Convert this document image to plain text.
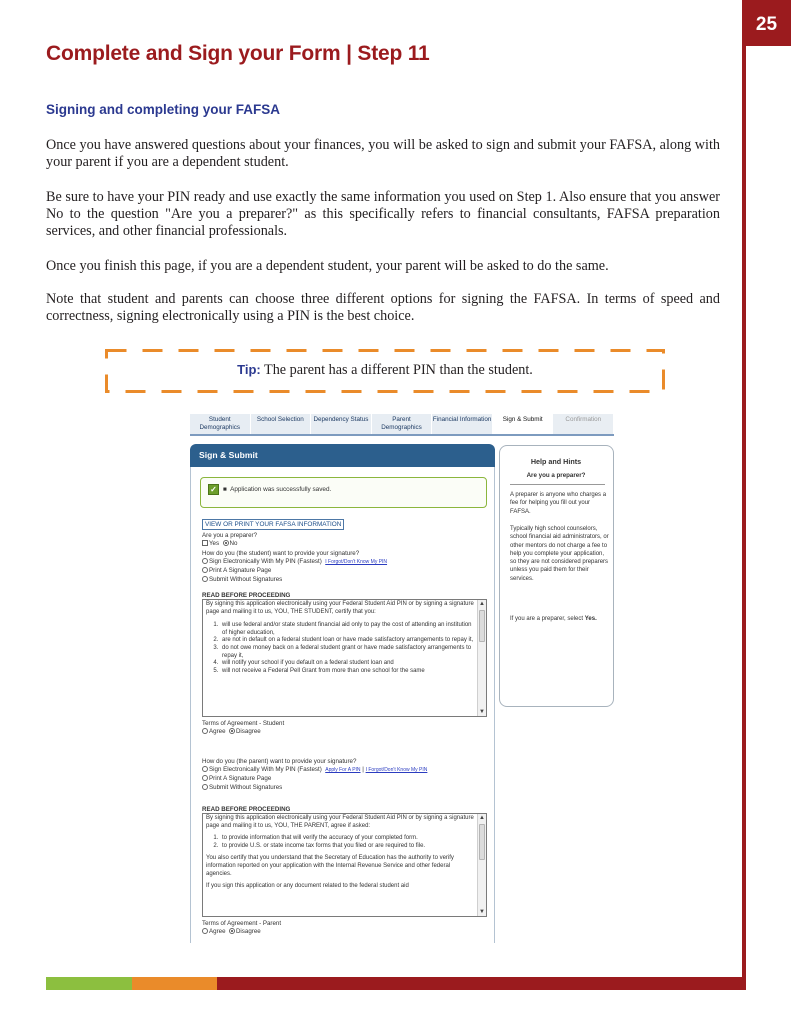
25
Complete and Sign your Form | Step 11
Signing and completing your FAFSA

Once you have answered questions about your finances, you will be asked to sign and submit your FAFSA, along with your parent if you are a dependent student.

Be sure to have your PIN ready and use exactly the same information you used on Step 1. Also ensure that you answer No to the question "Are you a preparer?" as this specifically refers to financial consultants, FAFSA preparation services, and other financial professionals.

Once you finish this page, if you are a dependent student, your parent will be asked to do the same.

Note that student and parents can choose three different options for signing the FAFSA. In terms of speed and correctness, signing electronically using a PIN is the best choice.

Tip: The parent has a different PIN than the student.
Student Demographics
School Selection	Dependency Status	Parent Demographics
Financial Information	Sign & Submit	Confirmation
Sign & Submit
✓ ■  Application was successfully saved.
VIEW OR PRINT YOUR FAFSA INFORMATION
Are you a preparer?
Yes No
How do you (the student) want to provide your signature?
Sign Electronically With My PIN (Fastest) I Forgot/Don't Know My PIN
Print A Signature Page
Submit Without Signatures
READ BEFORE PROCEEDING
By signing this application electronically using your Federal Student Aid PIN or by signing a signature page and mailing it to us, YOU, THE STUDENT, certify that you:
1. will use federal and/or state student financial aid only to pay the cost of attending an institution of higher education,
2. are not in default on a federal student loan or have made satisfactory arrangements to repay it,
3. do not owe money back on a federal student grant or have made satisfactory arrangements to repay it,
4. will notify your school if you default on a federal student loan and
5. will not receive a Federal Pell Grant from more than one school for the same
▲
▼
Terms of Agreement - Student
Agree Disagree
How do you (the parent) want to provide your signature?
Sign Electronically With My PIN (Fastest) Apply For A PIN | I Forgot/Don't Know My PIN
Print A Signature Page
Submit Without Signatures
READ BEFORE PROCEEDING
By signing this application electronically using your Federal Student Aid PIN or by signing a signature page and mailing it to us, YOU, THE PARENT, agree if asked:
1. to provide information that will verify the accuracy of your completed form.
2. to provide U.S. or state income tax forms that you filed or are required to file.
You also certify that you understand that the Secretary of Education has the authority to verify information reported on your application with the Internal Revenue Service and other federal agencies.
If you sign this application or any document related to the federal student aid
▲
▼
Terms of Agreement - Parent
Agree Disagree
Help and Hints
Are you a preparer?
A preparer is anyone who charges a fee for helping you fill out your FAFSA.
Typically high school counselors, school financial aid administrators, or other mentors do not charge a fee to help you complete your application, so they are not considered preparers unless you paid them for their services.
If you are a preparer, select Yes.
